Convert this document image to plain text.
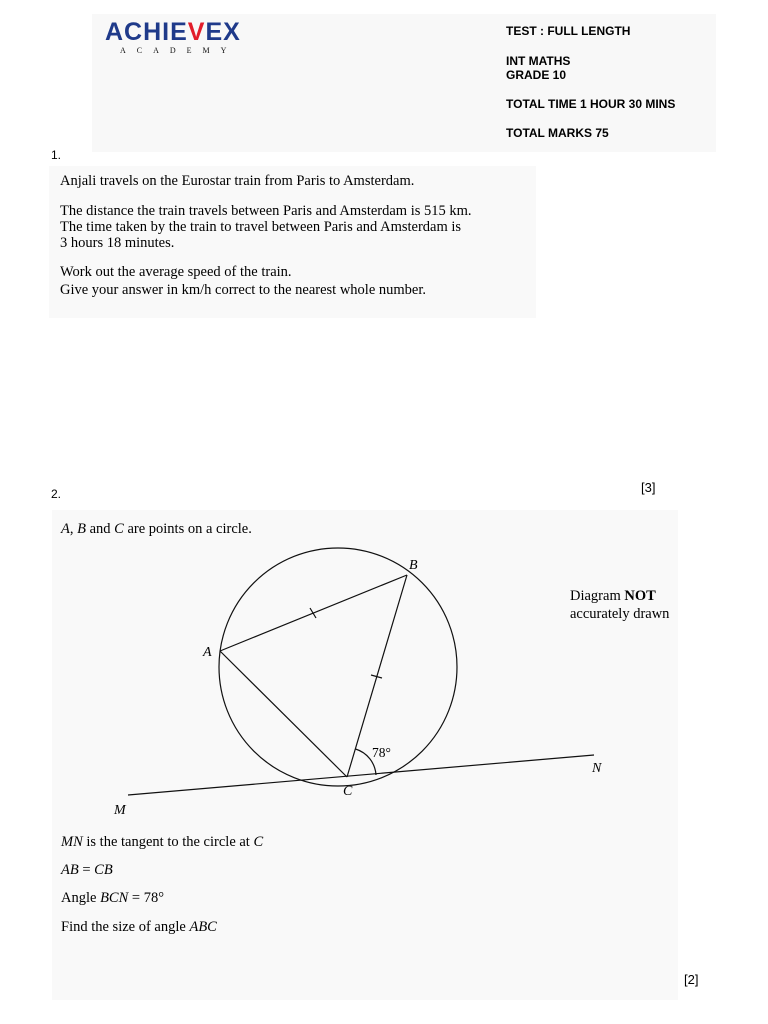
ACHIEVEX
ACADEMY
TEST : FULL LENGTH
INT MATHS
GRADE 10
TOTAL TIME 1 HOUR 30 MINS
TOTAL MARKS 75
1.
Anjali travels on the Eurostar train from Paris to Amsterdam.
The distance the train travels between Paris and Amsterdam is 515 km.
The time taken by the train to travel between Paris and Amsterdam is
3 hours 18 minutes.
Work out the average speed of the train.
Give your answer in km/h correct to the nearest whole number.
[3]
2.
A, B and C are points on a circle.
Diagram NOT
accurately drawn
MN is the tangent to the circle at C
AB = CB
Angle BCN = 78°
Find the size of angle ABC
78°
A
B
C
M
N
[2]
